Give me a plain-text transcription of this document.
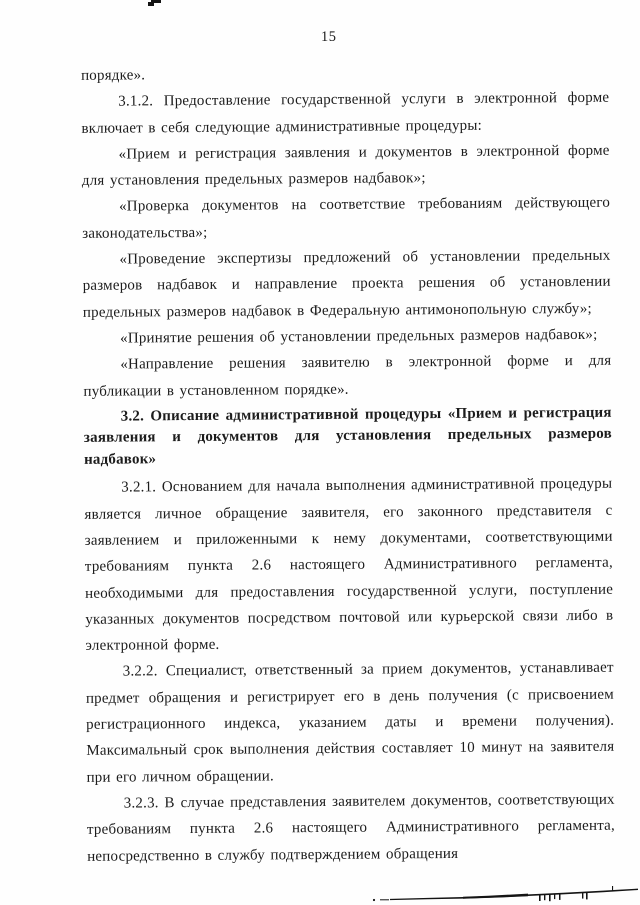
15

порядке».

3.1.2. Предоставление государственной услуги в электронной форме включает в себя следующие административные процедуры:

«Прием и регистрация заявления и документов в электронной форме для установления предельных размеров надбавок»;

«Проверка документов на соответствие требованиям действующего законодательства»;

«Проведение экспертизы предложений об установлении предельных размеров надбавок и направление проекта решения об установлении предельных размеров надбавок в Федеральную антимонопольную службу»;

«Принятие решения об установлении предельных размеров надбавок»;

«Направление решения заявителю в электронной форме и для публикации в установленном порядке».

3.2. Описание административной процедуры «Прием и регистрация заявления и документов для установления предельных размеров надбавок»

3.2.1. Основанием для начала выполнения административной процедуры является личное обращение заявителя, его законного представителя с заявлением и приложенными к нему документами, соответствующими требованиям пункта 2.6 настоящего Административного регламента, необходимыми для предоставления государственной услуги, поступление указанных документов посредством почтовой или курьерской связи либо в электронной форме.

3.2.2. Специалист, ответственный за прием документов, устанавливает предмет обращения и регистрирует его в день получения (с присвоением регистрационного индекса, указанием даты и времени получения). Максимальный срок выполнения действия составляет 10 минут на заявителя при его личном обращении.

3.2.3. В случае представления заявителем документов, соответствующих требованиям пункта 2.6 настоящего Административного регламента, непосредственно в службу подтверждением обращения
